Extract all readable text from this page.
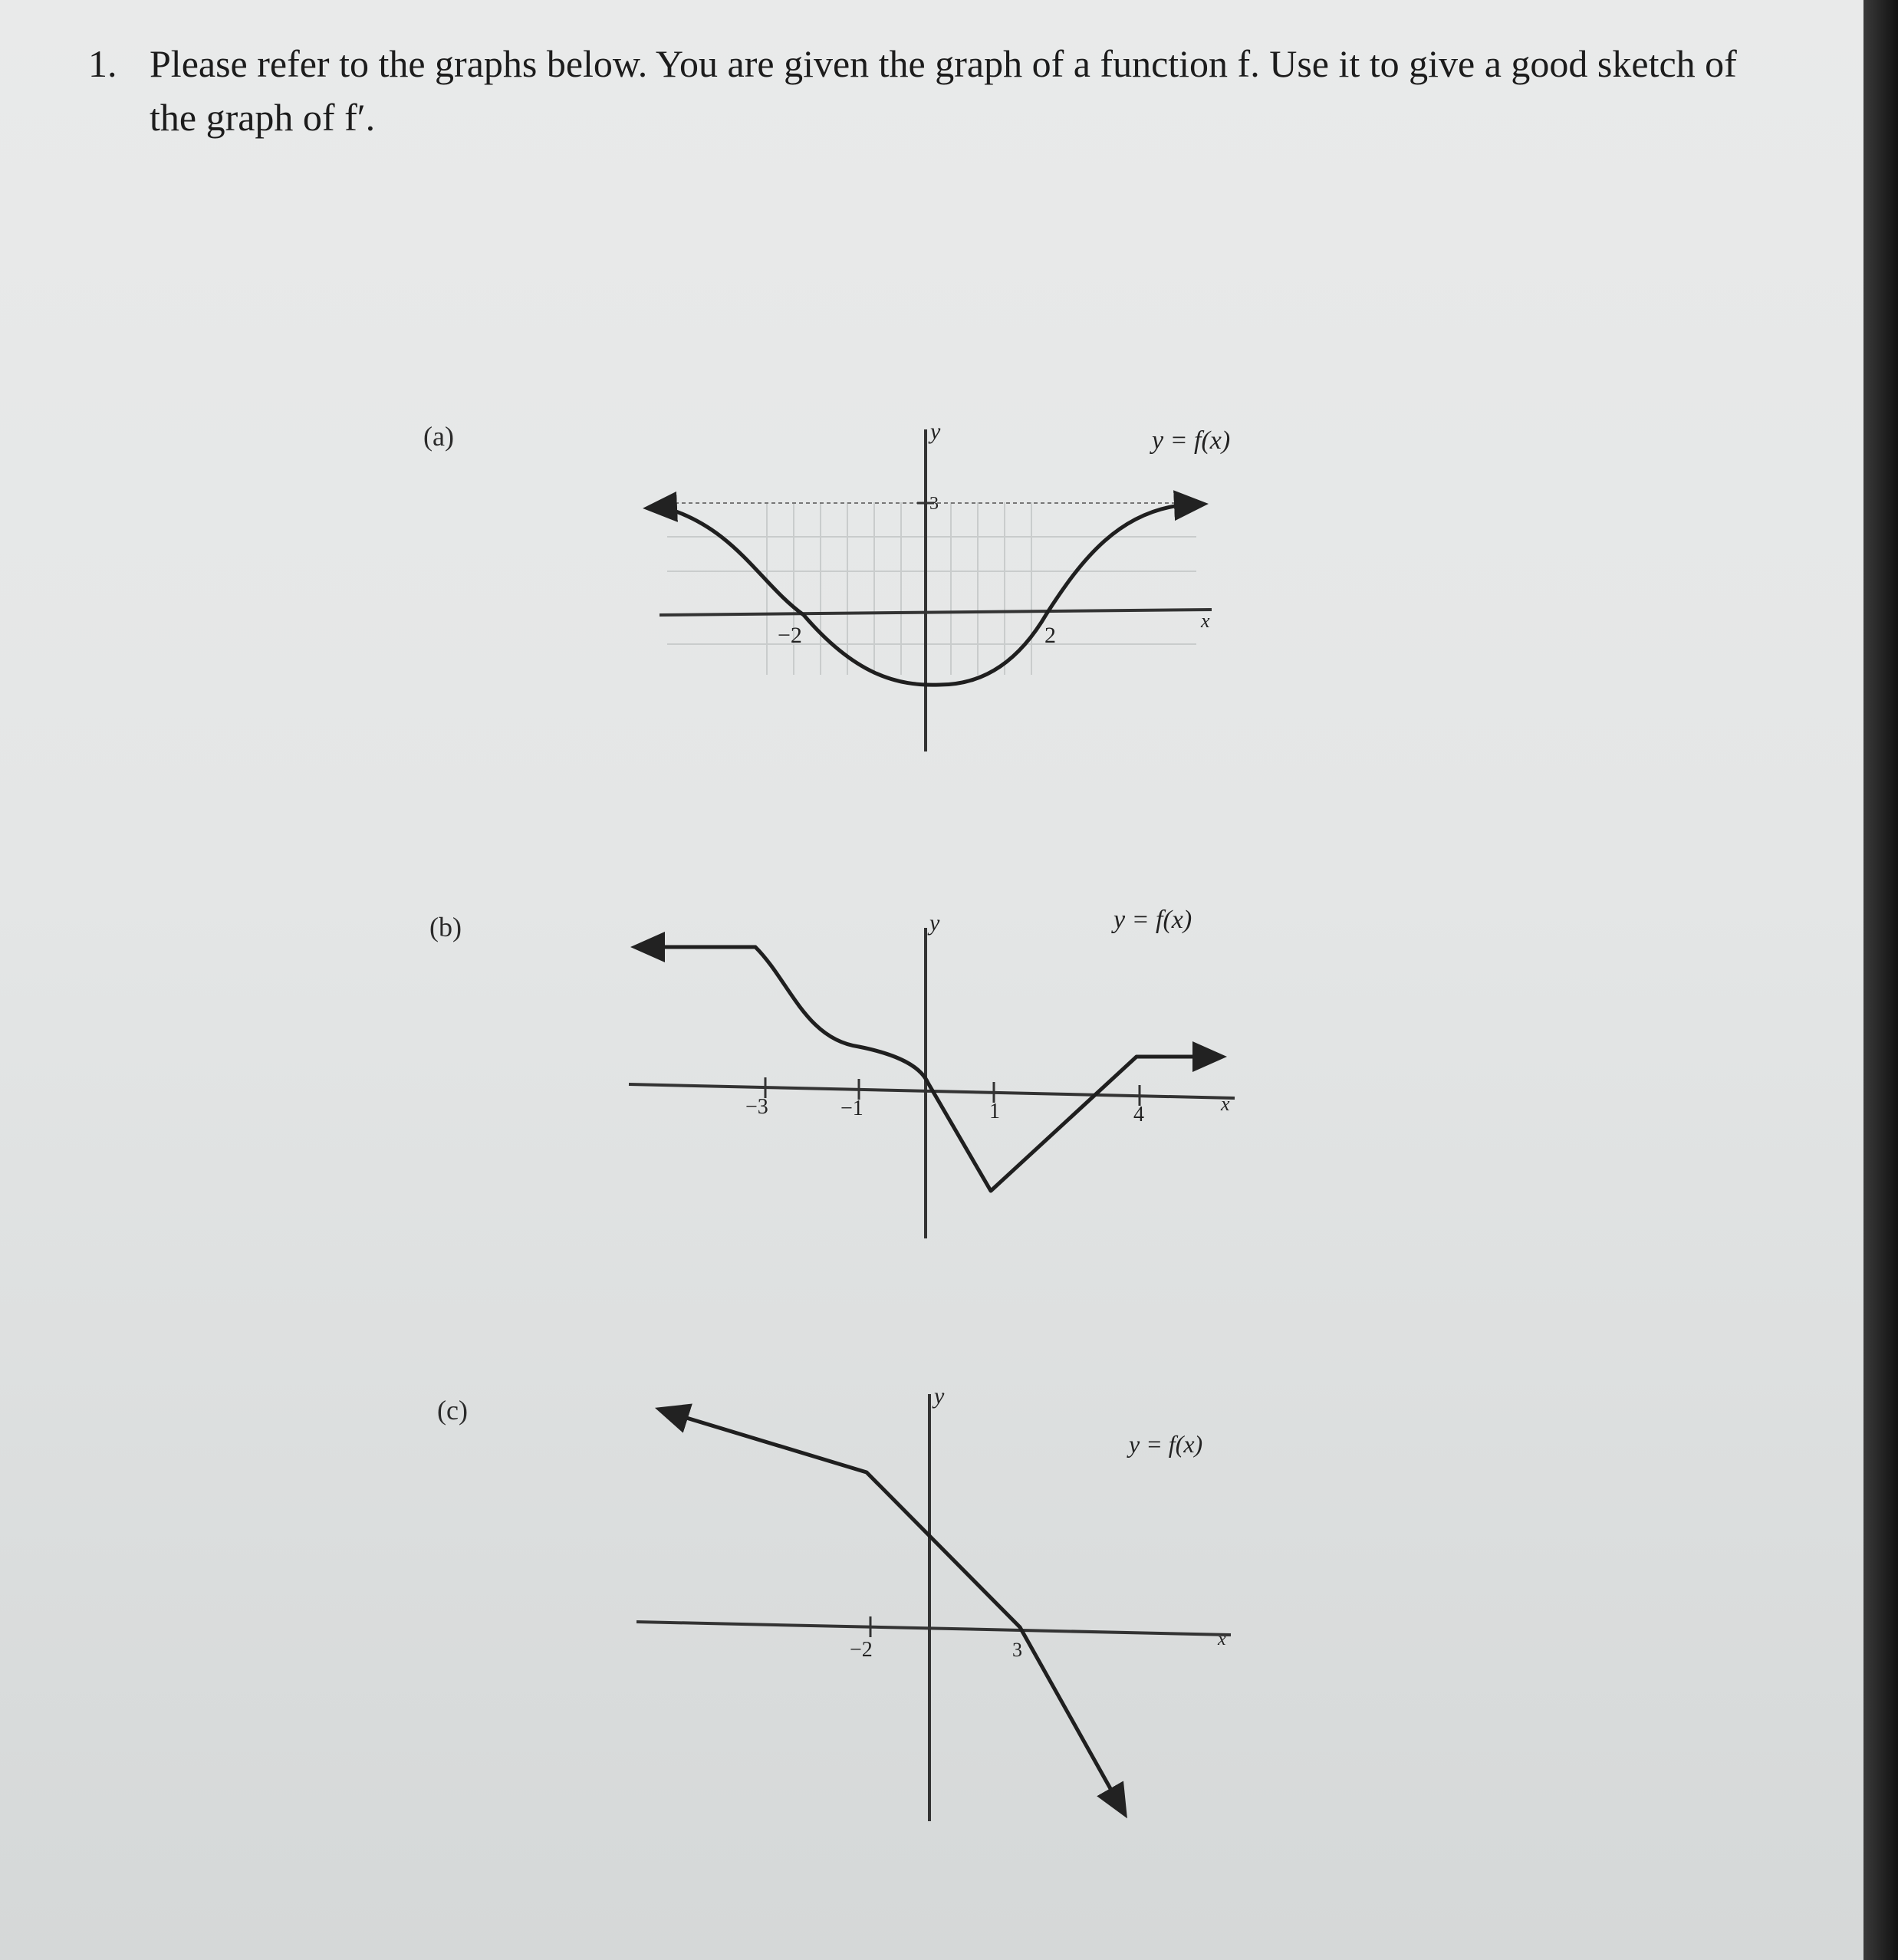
1. Please refer to the graphs below. You are given the graph of a function f. Use it to give a good sketch of the graph of f′.
(a)
(b)
(c)
y
x
−2	2
3
y = f(x)
y
x
−3	−1	1	4
y = f(x)
y
x
−2	3
y = f(x)
